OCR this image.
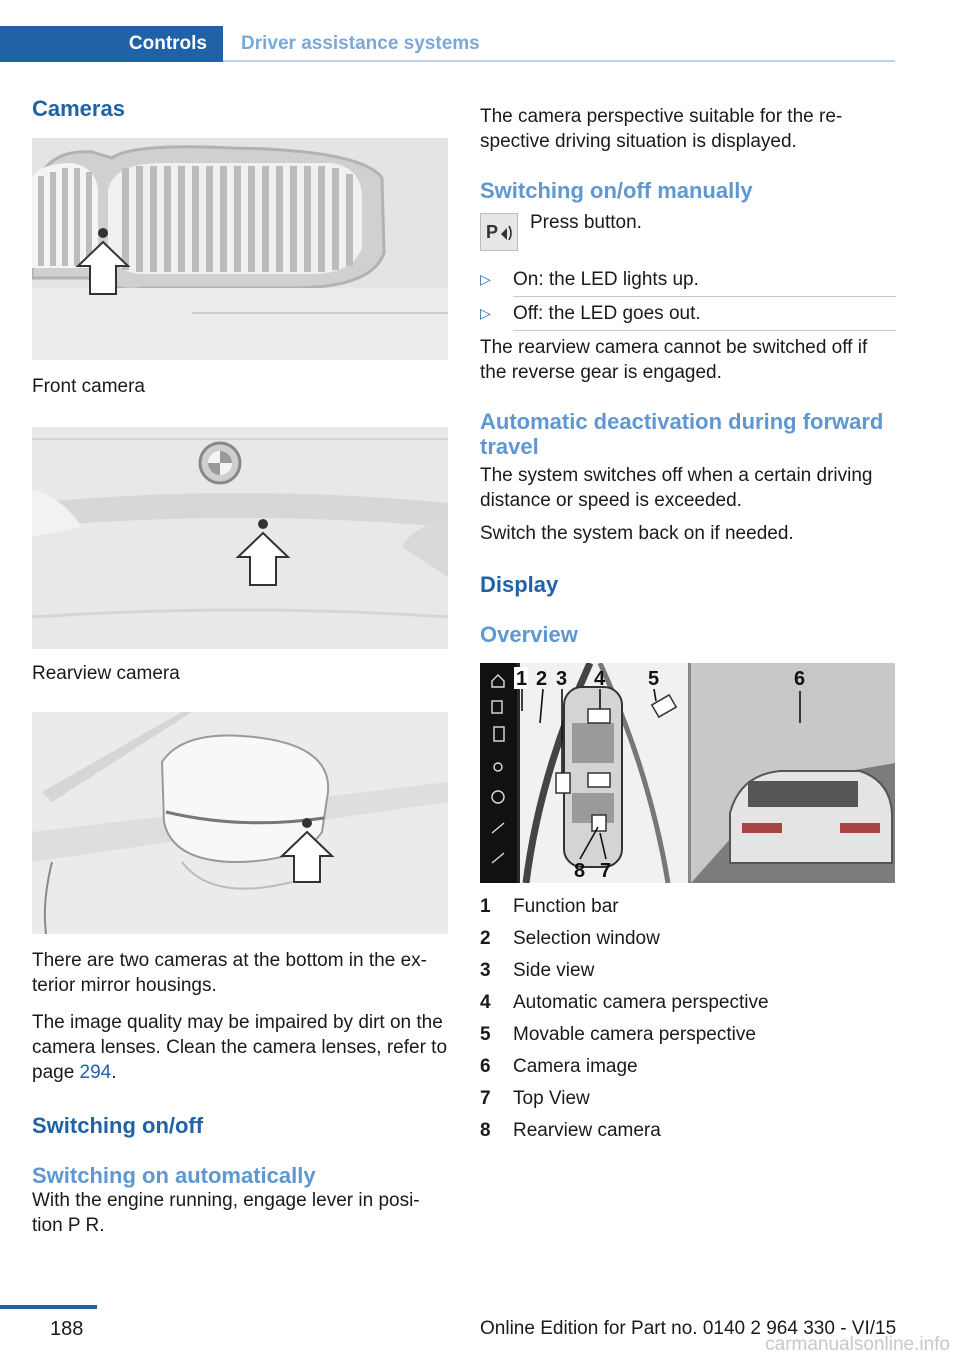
Controls	Driver assistance systems
Cameras

Front camera

Rearview camera

There are two cameras at the bottom in the ex-terior mirror housings.

The image quality may be impaired by dirt on the camera lenses. Clean the camera lenses, refer to page 294.

Switching on/off
Switching on automatically

With the engine running, engage lever in posi-tion P R.

The camera perspective suitable for the re-spective driving situation is displayed.

Switching on/off manually
P Press button.

▷ On: the LED lights up.
▷ Off: the LED goes out.

The rearview camera cannot be switched off if the reverse gear is engaged.

Automatic deactivation during forward travel

The system switches off when a certain driving distance or speed is exceeded.

Switch the system back on if needed.

Display
Overview
1 2 3 4 5	6
8 7
1	Function bar
2	Selection window
3	Side view
4	Automatic camera perspective
5	Movable camera perspective
6	Camera image
7	Top View
8	Rearview camera
188	Online Edition for Part no. 0140 2 964 330 - VI/15
carmanualsonline.info
